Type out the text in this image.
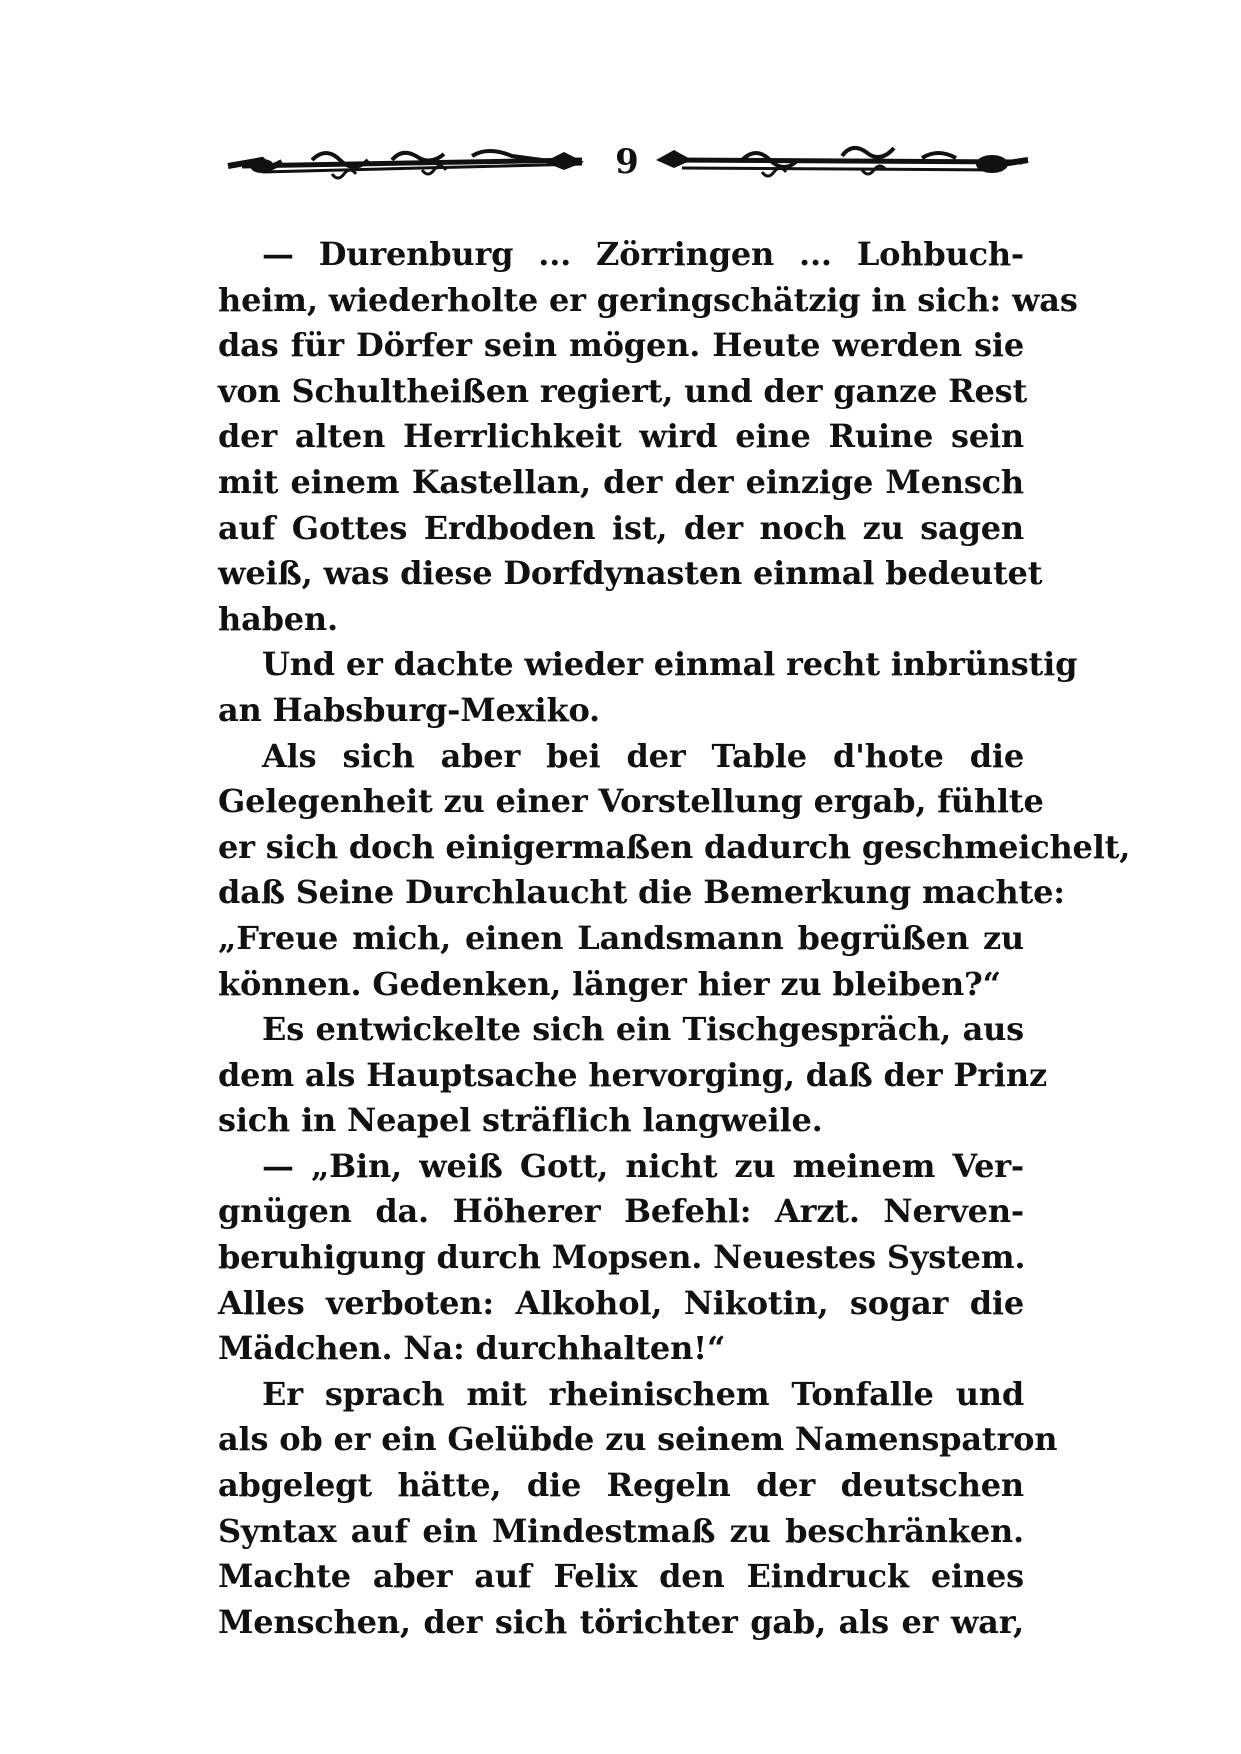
9
— Durenburg ... Zörringen ... Lohbuch-
heim, wiederholte er geringschätzig in sich: was
das für Dörfer sein mögen. Heute werden sie
von Schultheißen regiert, und der ganze Rest
der alten Herrlichkeit wird eine Ruine sein
mit einem Kastellan, der der einzige Mensch
auf Gottes Erdboden ist, der noch zu sagen
weiß, was diese Dorfdynasten einmal bedeutet
haben.
Und er dachte wieder einmal recht inbrünstig
an Habsburg-Mexiko.
Als sich aber bei der Table d'hote die
Gelegenheit zu einer Vorstellung ergab, fühlte
er sich doch einigermaßen dadurch geschmeichelt,
daß Seine Durchlaucht die Bemerkung machte:
„Freue mich, einen Landsmann begrüßen zu
können. Gedenken, länger hier zu bleiben?“
Es entwickelte sich ein Tischgespräch, aus
dem als Hauptsache hervorging, daß der Prinz
sich in Neapel sträflich langweile.
— „Bin, weiß Gott, nicht zu meinem Ver-
gnügen da. Höherer Befehl: Arzt. Nerven-
beruhigung durch Mopsen. Neuestes System.
Alles verboten: Alkohol, Nikotin, sogar die
Mädchen. Na: durchhalten!“
Er sprach mit rheinischem Tonfalle und
als ob er ein Gelübde zu seinem Namenspatron
abgelegt hätte, die Regeln der deutschen
Syntax auf ein Mindestmaß zu beschränken.
Machte aber auf Felix den Eindruck eines
Menschen, der sich törichter gab, als er war,
